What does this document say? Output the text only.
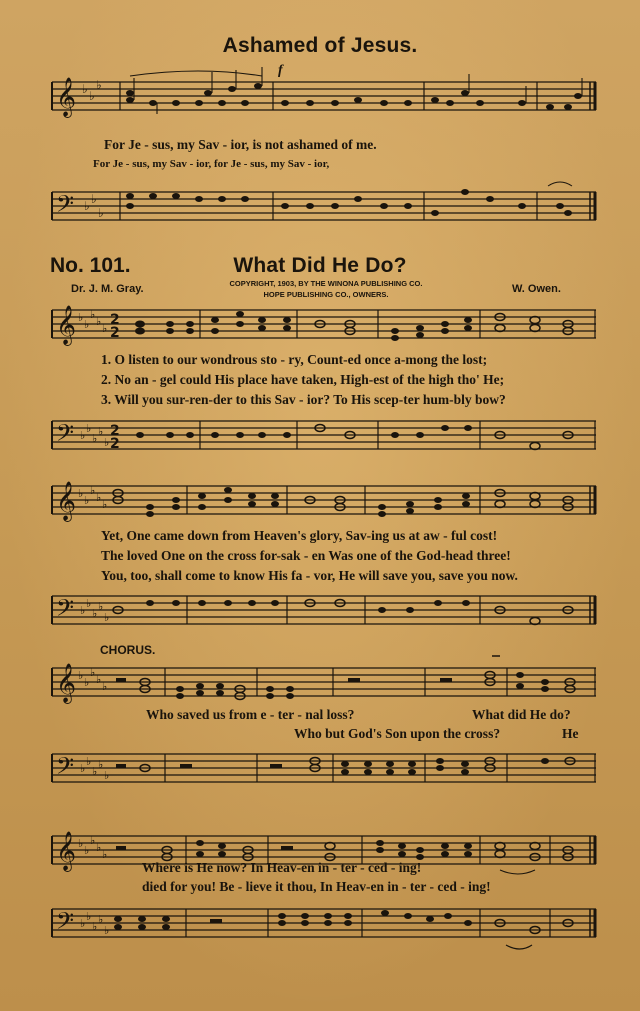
Ashamed of Jesus.
𝄞 ♭ ♭
♭
f
For Je - sus, my Sav - ior, is not ashamed of me.
For Je - sus, my Sav - ior, for Je - sus, my Sav - ior,
𝄢 ♭ ♭
♭
No. 101.	What Did He Do?
Dr. J. M. Gray.	W. Owen.
COPYRIGHT, 1903, BY THE WINONA PUBLISHING CO.
HOPE PUBLISHING CO., OWNERS.
𝄞 ♭
♭
♭
♭
♭
2
2
1. O listen to our wondrous sto - ry, Count-ed once a-mong the lost;
2. No an - gel could His place have taken, High-est of the high tho' He;
3. Will you sur-ren-der to this Sav - ior? To His scep-ter hum-bly bow?
𝄢 ♭
♭
♭
♭
♭
2
2
𝄞 ♭
♭
♭
♭
♭
Yet, One came down from Heaven's glory, Sav-ing us at aw - ful cost!
The loved One on the cross for-sak - en Was one of the God-head three!
You, too, shall come to know His fa - vor, He will save you, save you now.
𝄢 ♭
♭
♭
♭
♭
CHORUS.
𝄞 ♭
♭
♭
♭
♭
Who saved us from e - ter - nal loss?	What did He do?
Who but God's Son upon the cross?	He
𝄢 ♭
♭
♭
♭
♭
𝄞 ♭
♭
♭
♭
♭
Where is He now? In Heav-en in - ter - ced - ing!
died for you! Be - lieve it thou, In Heav-en in - ter - ced - ing!
𝄢 ♭
♭
♭
♭
♭
